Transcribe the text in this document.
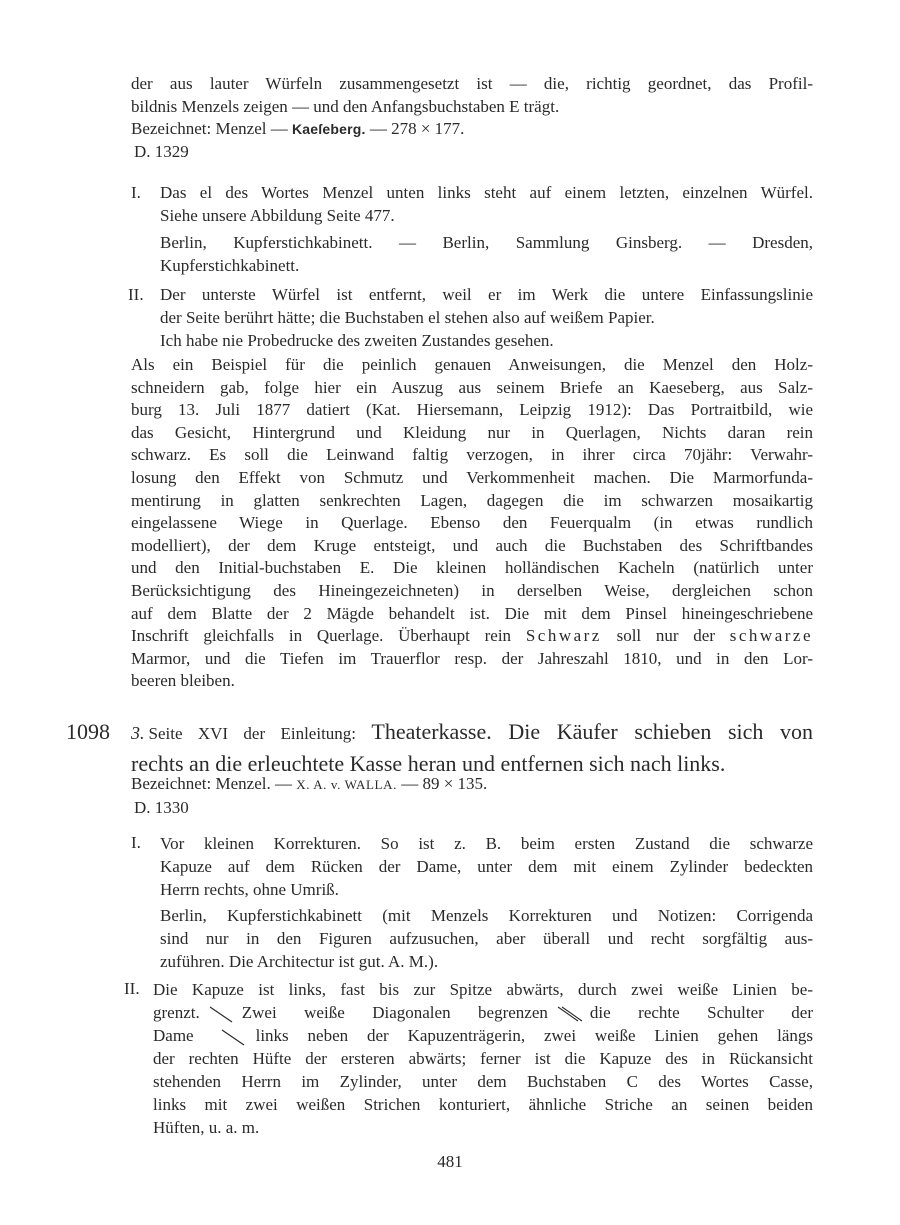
der aus lauter Würfeln zusammengesetzt ist — die, richtig geordnet, das Profil-
bildnis Menzels zeigen — und den Anfangsbuchstaben E trägt.
Bezeichnet: Menzel — Kaeſeberg. — 278 × 177.
D. 1329

I. Das el des Wortes Menzel unten links steht auf einem letzten, einzelnen Würfel.
Siehe unsere Abbildung Seite 477.

Berlin, Kupferstichkabinett. — Berlin, Sammlung Ginsberg. — Dresden,
Kupferstichkabinett.

II. Der unterste Würfel ist entfernt, weil er im Werk die untere Einfassungslinie
der Seite berührt hätte; die Buchstaben el stehen also auf weißem Papier.

Ich habe nie Probedrucke des zweiten Zustandes gesehen.

Als ein Beispiel für die peinlich genauen Anweisungen, die Menzel den Holz-
schneidern gab, folge hier ein Auszug aus seinem Briefe an Kaeseberg, aus Salz-
burg 13. Juli 1877 datiert (Kat. Hiersemann, Leipzig 1912): Das Portraitbild, wie
das Gesicht, Hintergrund und Kleidung nur in Querlagen, Nichts daran rein
schwarz. Es soll die Leinwand faltig verzogen, in ihrer circa 70jähr: Verwahr-
losung den Effekt von Schmutz und Verkommenheit machen. Die Marmorfunda-
mentirung in glatten senkrechten Lagen, dagegen die im schwarzen mosaikartig
eingelassene Wiege in Querlage. Ebenso den Feuerqualm (in etwas rundlich
modelliert), der dem Kruge entsteigt, und auch die Buchstaben des Schriftbandes
und den Initial-buchstaben E. Die kleinen holländischen Kacheln (natürlich unter
Berücksichtigung des Hineingezeichneten) in derselben Weise, dergleichen schon
auf dem Blatte der 2 Mägde behandelt ist. Die mit dem Pinsel hineingeschriebene
Inschrift gleichfalls in Querlage. Überhaupt rein Schwarz soll nur der schwarze
Marmor, und die Tiefen im Trauerflor resp. der Jahreszahl 1810, und in den Lor-
beeren bleiben.

1098 3. Seite XVI der Einleitung: Theaterkasse. Die Käufer schieben sich von
rechts an die erleuchtete Kasse heran und entfernen sich nach links.

Bezeichnet: Menzel. — X. A. v. WALLA. — 89 × 135.
D. 1330

I. Vor kleinen Korrekturen. So ist z. B. beim ersten Zustand die schwarze
Kapuze auf dem Rücken der Dame, unter dem mit einem Zylinder bedeckten
Herrn rechts, ohne Umriß.

Berlin, Kupferstichkabinett (mit Menzels Korrekturen und Notizen: Corrigenda
sind nur in den Figuren aufzusuchen, aber überall und recht sorgfältig aus-
zuführen. Die Architectur ist gut. A. M.).

II. Die Kapuze ist links, fast bis zur Spitze abwärts, durch zwei weiße Linien be-
grenzt. Zwei weiße Diagonalen begrenzen die rechte Schulter der
Dame	links neben der Kapuzenträgerin, zwei weiße Linien gehen längs
der rechten Hüfte der ersteren abwärts; ferner ist die Kapuze des in Rückansicht
stehenden Herrn im Zylinder, unter dem Buchstaben C des Wortes Casse,
links mit zwei weißen Strichen konturiert, ähnliche Striche an seinen beiden
Hüften, u. a. m.

481
